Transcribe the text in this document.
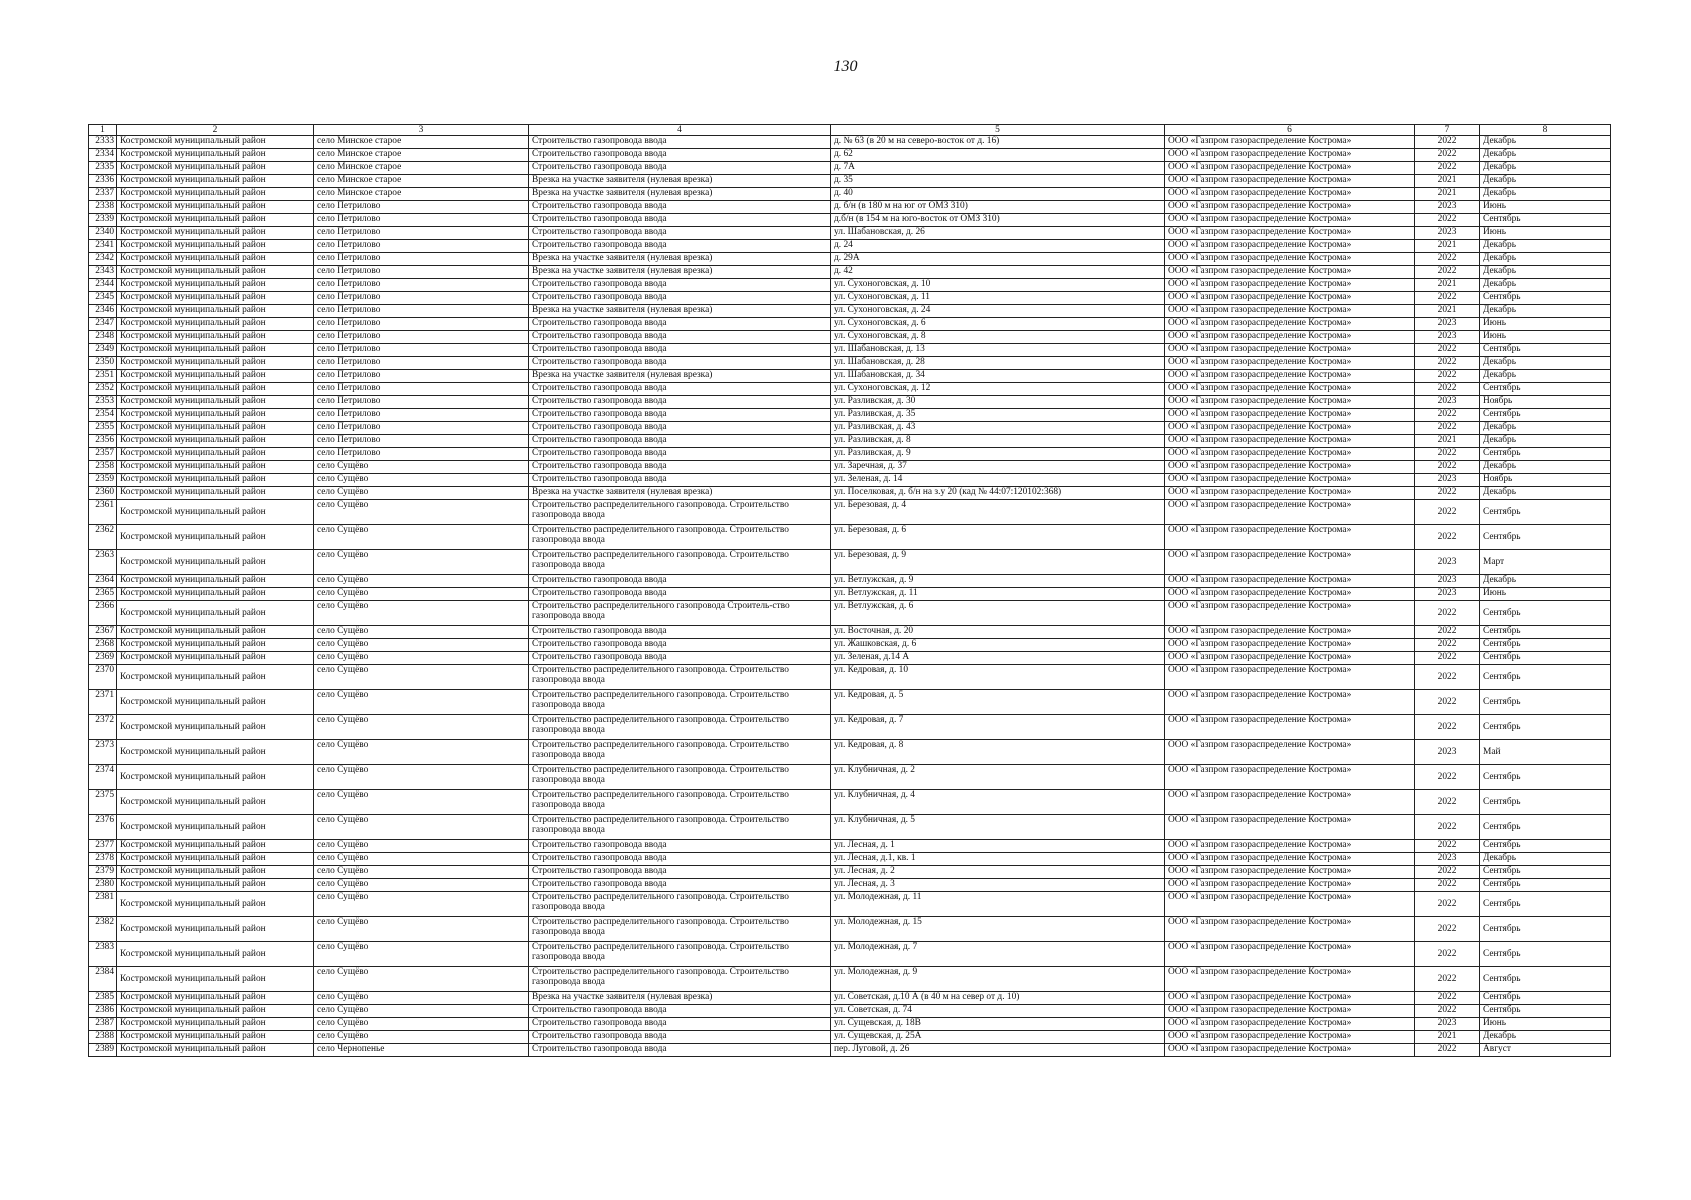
130
1	2	3	4	5	6	7	8
2333	Костромской муниципальный район	село Минское старое	Строительство газопровода ввода	д. № 63 (в 20 м на северо-восток от д. 16)	ООО «Газпром газораспределение Кострома»	2022	Декабрь
2334	Костромской муниципальный район	село Минское старое	Строительство газопровода ввода	д. 62	ООО «Газпром газораспределение Кострома»	2022	Декабрь
2335	Костромской муниципальный район	село Минское старое	Строительство газопровода ввода	д. 7А	ООО «Газпром газораспределение Кострома»	2022	Декабрь
2336	Костромской муниципальный район	село Минское старое	Врезка на участке заявителя (нулевая врезка)	д. 35	ООО «Газпром газораспределение Кострома»	2021	Декабрь
2337	Костромской муниципальный район	село Минское старое	Врезка на участке заявителя (нулевая врезка)	д. 40	ООО «Газпром газораспределение Кострома»	2021	Декабрь
2338	Костромской муниципальный район	село Петрилово	Строительство газопровода ввода	д. б/н (в 180 м на юг от ОМЗ 310)	ООО «Газпром газораспределение Кострома»	2023	Июнь
2339	Костромской муниципальный район	село Петрилово	Строительство газопровода ввода	д.б/н (в 154 м на юго-восток от ОМЗ 310)	ООО «Газпром газораспределение Кострома»	2022	Сентябрь
2340	Костромской муниципальный район	село Петрилово	Строительство газопровода ввода	ул. Шабановская, д. 26	ООО «Газпром газораспределение Кострома»	2023	Июнь
2341	Костромской муниципальный район	село Петрилово	Строительство газопровода ввода	д. 24	ООО «Газпром газораспределение Кострома»	2021	Декабрь
2342	Костромской муниципальный район	село Петрилово	Врезка на участке заявителя (нулевая врезка)	д. 29А	ООО «Газпром газораспределение Кострома»	2022	Декабрь
2343	Костромской муниципальный район	село Петрилово	Врезка на участке заявителя (нулевая врезка)	д. 42	ООО «Газпром газораспределение Кострома»	2022	Декабрь
2344	Костромской муниципальный район	село Петрилово	Строительство газопровода ввода	ул. Сухоноговская, д. 10	ООО «Газпром газораспределение Кострома»	2021	Декабрь
2345	Костромской муниципальный район	село Петрилово	Строительство газопровода ввода	ул. Сухоноговская, д. 11	ООО «Газпром газораспределение Кострома»	2022	Сентябрь
2346	Костромской муниципальный район	село Петрилово	Врезка на участке заявителя (нулевая врезка)	ул. Сухоноговская, д. 24	ООО «Газпром газораспределение Кострома»	2021	Декабрь
2347	Костромской муниципальный район	село Петрилово	Строительство газопровода ввода	ул. Сухоноговская, д. 6	ООО «Газпром газораспределение Кострома»	2023	Июнь
2348	Костромской муниципальный район	село Петрилово	Строительство газопровода ввода	ул. Сухоноговская, д. 8	ООО «Газпром газораспределение Кострома»	2023	Июнь
2349	Костромской муниципальный район	село Петрилово	Строительство газопровода ввода	ул. Шабановская, д. 13	ООО «Газпром газораспределение Кострома»	2022	Сентябрь
2350	Костромской муниципальный район	село Петрилово	Строительство газопровода ввода	ул. Шабановская, д. 28	ООО «Газпром газораспределение Кострома»	2022	Декабрь
2351	Костромской муниципальный район	село Петрилово	Врезка на участке заявителя (нулевая врезка)	ул. Шабановская, д. 34	ООО «Газпром газораспределение Кострома»	2022	Декабрь
2352	Костромской муниципальный район	село Петрилово	Строительство газопровода ввода	ул. Сухоноговская, д. 12	ООО «Газпром газораспределение Кострома»	2022	Сентябрь
2353	Костромской муниципальный район	село Петрилово	Строительство газопровода ввода	ул. Разливская, д. 30	ООО «Газпром газораспределение Кострома»	2023	Ноябрь
2354	Костромской муниципальный район	село Петрилово	Строительство газопровода ввода	ул. Разливская, д. 35	ООО «Газпром газораспределение Кострома»	2022	Сентябрь
2355	Костромской муниципальный район	село Петрилово	Строительство газопровода ввода	ул. Разливская, д. 43	ООО «Газпром газораспределение Кострома»	2022	Декабрь
2356	Костромской муниципальный район	село Петрилово	Строительство газопровода ввода	ул. Разливская, д. 8	ООО «Газпром газораспределение Кострома»	2021	Декабрь
2357	Костромской муниципальный район	село Петрилово	Строительство газопровода ввода	ул. Разливская, д. 9	ООО «Газпром газораспределение Кострома»	2022	Сентябрь
2358	Костромской муниципальный район	село Сущёво	Строительство газопровода ввода	ул. Заречная, д. 37	ООО «Газпром газораспределение Кострома»	2022	Декабрь
2359	Костромской муниципальный район	село Сущёво	Строительство газопровода ввода	ул. Зеленая, д. 14	ООО «Газпром газораспределение Кострома»	2023	Ноябрь
2360	Костромской муниципальный район	село Сущёво	Врезка на участке заявителя (нулевая врезка)	ул. Поселковая, д. б/н на з.у 20 (кад № 44:07:120102:368)	ООО «Газпром газораспределение Кострома»	2022	Декабрь
2361	Костромской муниципальный район	село Сущёво	Строительство распределительного газопровода. Строительство газопровода ввода	ул. Березовая, д. 4	ООО «Газпром газораспределение Кострома»	2022	Сентябрь
2362	Костромской муниципальный район	село Сущёво	Строительство распределительного газопровода. Строительство газопровода ввода	ул. Березовая, д. 6	ООО «Газпром газораспределение Кострома»	2022	Сентябрь
2363	Костромской муниципальный район	село Сущёво	Строительство распределительного газопровода. Строительство газопровода ввода	ул. Березовая, д. 9	ООО «Газпром газораспределение Кострома»	2023	Март
2364	Костромской муниципальный район	село Сущёво	Строительство газопровода ввода	ул. Ветлужская, д. 9	ООО «Газпром газораспределение Кострома»	2023	Декабрь
2365	Костромской муниципальный район	село Сущёво	Строительство газопровода ввода	ул. Ветлужская, д. 11	ООО «Газпром газораспределение Кострома»	2023	Июнь
2366	Костромской муниципальный район	село Сущёво	Строительство распределительного газопровода Строитель-ство газопровода ввода	ул. Ветлужская, д. 6	ООО «Газпром газораспределение Кострома»	2022	Сентябрь
2367	Костромской муниципальный район	село Сущёво	Строительство газопровода ввода	ул. Восточная, д. 20	ООО «Газпром газораспределение Кострома»	2022	Сентябрь
2368	Костромской муниципальный район	село Сущёво	Строительство газопровода ввода	ул. Жашковская, д. 6	ООО «Газпром газораспределение Кострома»	2022	Сентябрь
2369	Костромской муниципальный район	село Сущёво	Строительство газопровода ввода	ул. Зеленая, д.14 А	ООО «Газпром газораспределение Кострома»	2022	Сентябрь
2370	Костромской муниципальный район	село Сущёво	Строительство распределительного газопровода. Строительство газопровода ввода	ул. Кедровая, д. 10	ООО «Газпром газораспределение Кострома»	2022	Сентябрь
2371	Костромской муниципальный район	село Сущёво	Строительство распределительного газопровода. Строительство газопровода ввода	ул. Кедровая, д. 5	ООО «Газпром газораспределение Кострома»	2022	Сентябрь
2372	Костромской муниципальный район	село Сущёво	Строительство распределительного газопровода. Строительство газопровода ввода	ул. Кедровая, д. 7	ООО «Газпром газораспределение Кострома»	2022	Сентябрь
2373	Костромской муниципальный район	село Сущёво	Строительство распределительного газопровода. Строительство газопровода ввода	ул. Кедровая, д. 8	ООО «Газпром газораспределение Кострома»	2023	Май
2374	Костромской муниципальный район	село Сущёво	Строительство распределительного газопровода. Строительство газопровода ввода	ул. Клубничная, д. 2	ООО «Газпром газораспределение Кострома»	2022	Сентябрь
2375	Костромской муниципальный район	село Сущёво	Строительство распределительного газопровода. Строительство газопровода ввода	ул. Клубничная, д. 4	ООО «Газпром газораспределение Кострома»	2022	Сентябрь
2376	Костромской муниципальный район	село Сущёво	Строительство распределительного газопровода. Строительство газопровода ввода	ул. Клубничная, д. 5	ООО «Газпром газораспределение Кострома»	2022	Сентябрь
2377	Костромской муниципальный район	село Сущёво	Строительство газопровода ввода	ул. Лесная, д. 1	ООО «Газпром газораспределение Кострома»	2022	Сентябрь
2378	Костромской муниципальный район	село Сущёво	Строительство газопровода ввода	ул. Лесная, д.1, кв. 1	ООО «Газпром газораспределение Кострома»	2023	Декабрь
2379	Костромской муниципальный район	село Сущёво	Строительство газопровода ввода	ул. Лесная, д. 2	ООО «Газпром газораспределение Кострома»	2022	Сентябрь
2380	Костромской муниципальный район	село Сущёво	Строительство газопровода ввода	ул. Лесная, д. 3	ООО «Газпром газораспределение Кострома»	2022	Сентябрь
2381	Костромской муниципальный район	село Сущёво	Строительство распределительного газопровода. Строительство газопровода ввода	ул. Молодежная, д. 11	ООО «Газпром газораспределение Кострома»	2022	Сентябрь
2382	Костромской муниципальный район	село Сущёво	Строительство распределительного газопровода. Строительство газопровода ввода	ул. Молодежная, д. 15	ООО «Газпром газораспределение Кострома»	2022	Сентябрь
2383	Костромской муниципальный район	село Сущёво	Строительство распределительного газопровода. Строительство газопровода ввода	ул. Молодежная, д. 7	ООО «Газпром газораспределение Кострома»	2022	Сентябрь
2384	Костромской муниципальный район	село Сущёво	Строительство распределительного газопровода. Строительство газопровода ввода	ул. Молодежная, д. 9	ООО «Газпром газораспределение Кострома»	2022	Сентябрь
2385	Костромской муниципальный район	село Сущёво	Врезка на участке заявителя (нулевая врезка)	ул. Советская, д.10 А (в 40 м на север от д. 10)	ООО «Газпром газораспределение Кострома»	2022	Сентябрь
2386	Костромской муниципальный район	село Сущёво	Строительство газопровода ввода	ул. Советская, д. 74	ООО «Газпром газораспределение Кострома»	2022	Сентябрь
2387	Костромской муниципальный район	село Сущёво	Строительство газопровода ввода	ул. Сущевская, д. 18В	ООО «Газпром газораспределение Кострома»	2023	Июнь
2388	Костромской муниципальный район	село Сущёво	Строительство газопровода ввода	ул. Сущевская, д. 25А	ООО «Газпром газораспределение Кострома»	2021	Декабрь
2389	Костромской муниципальный район	село Чернопенье	Строительство газопровода ввода	пер. Луговой, д. 26	ООО «Газпром газораспределение Кострома»	2022	Август
